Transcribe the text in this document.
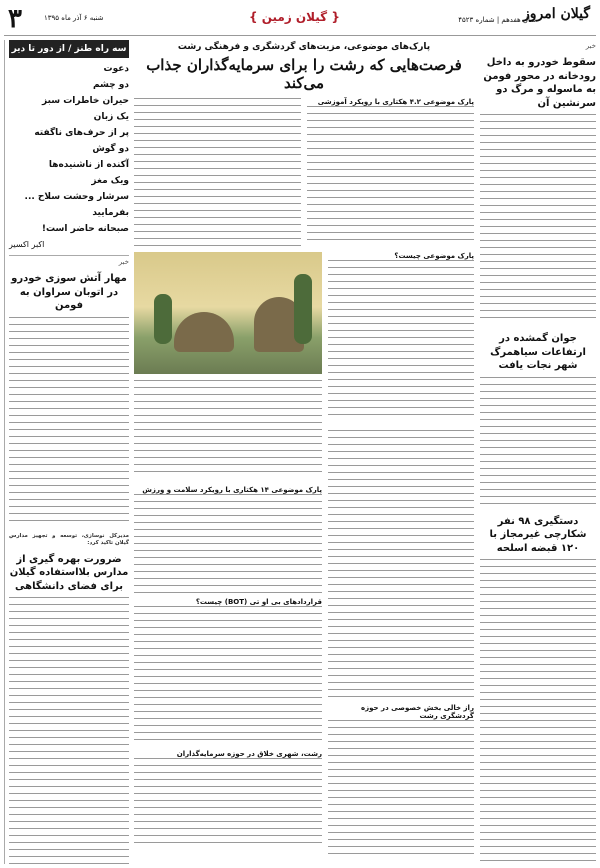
۳	شنبه ۶ آذر ماه ۱۳۹۵	{ گیلان زمین }	گیلان امروز
سال هفدهم | شماره ۴۵۲۳
سه راه طنز / از دور تا دیر
دعوت
دو چشم
حیران خاطرات سبز
یک زبان
پر از حرف‌های ناگفته
دو گوش
آکنده از ناشنیده‌ها
ویک مغز
سرشار وحشت سلاح ...
بفرمایید
صبحانه حاضر است!
اکبر اکسیر
خبر
مهار آتش سوزی خودرو در اتوبان سراوان به فومن
مدیرکل نوسازی، توسعه و تجهیز مدارس گیلان تاکید کرد:
ضرورت بهره گیری از مدارس بلااستفاده گیلان برای فضای دانشگاهی
پارک‌های موضوعی، مزیت‌های گردشگری و فرهنگی رشت
فرصت‌هایی که رشت را برای سرمایه‌گذاران جذاب می‌کند
پارک موضوعی ۴.۲ هکتاری با رویکرد آموزشی
پارک موضوعی چیست؟
پارک موضوعی ۱۴ هکتاری با رویکرد سلامت و ورزش
قراردادهای بی او تی (BOT) چیست؟
رشت، شهری خلاق در حوزه سرمایه‌گذاران
راز خالی بخش خصوصی در حوزه گردشگری رشت
خبر
سقوط خودرو به داخل رودخانه در محور فومن به ماسوله و مرگ دو سرنشین آن
جوان گمشده در ارتفاعات سیاهمرگ شهر نجات یافت
دستگیری ۹۸ نفر شکارچی غیرمجاز با ۱۲۰ قبضه اسلحه
